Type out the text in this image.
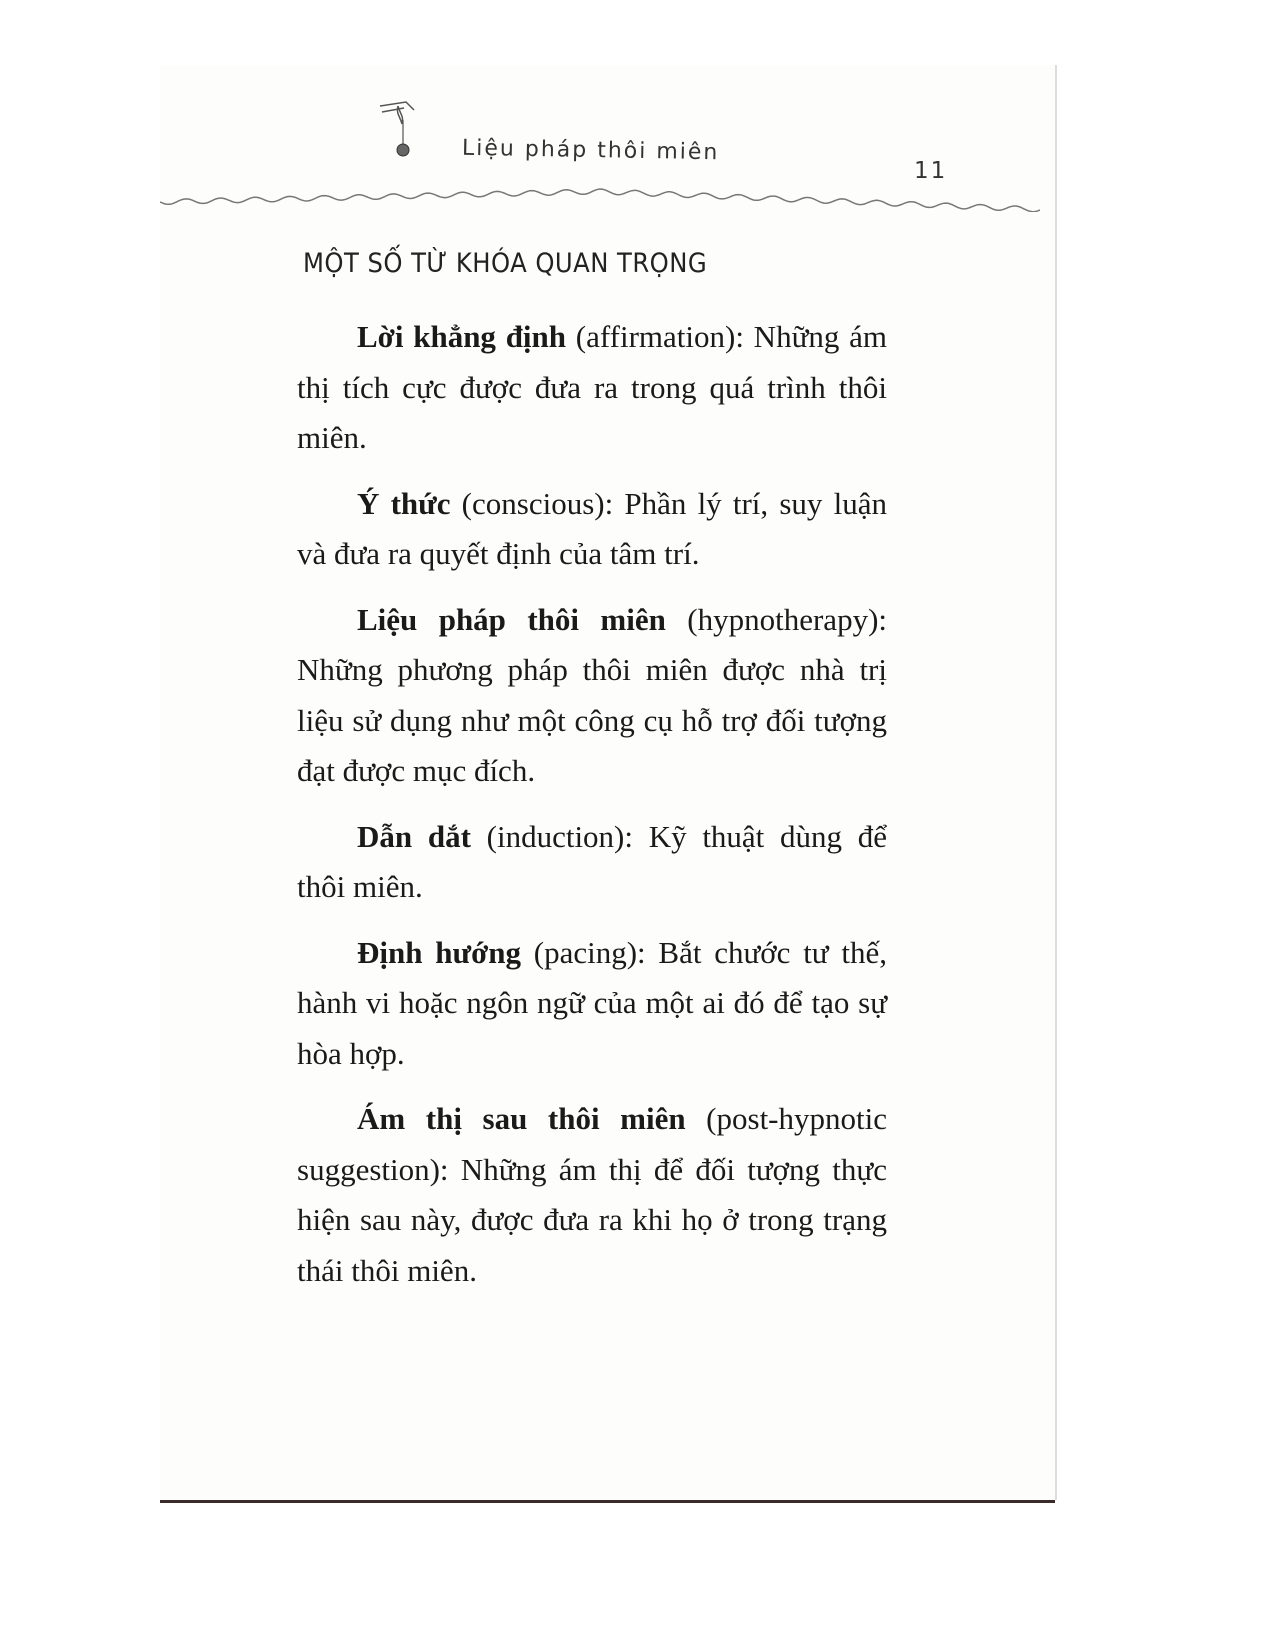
Liệu pháp thôi miên
11
MỘT SỐ TỪ KHÓA QUAN TRỌNG

Lời khẳng định (affirmation): Những ám thị tích cực được đưa ra trong quá trình thôi miên.

Ý thức (conscious): Phần lý trí, suy luận và đưa ra quyết định của tâm trí.

Liệu pháp thôi miên (hypnotherapy): Những phương pháp thôi miên được nhà trị liệu sử dụng như một công cụ hỗ trợ đối tượng đạt được mục đích.

Dẫn dắt (induction): Kỹ thuật dùng để thôi miên.

Định hướng (pacing): Bắt chước tư thế, hành vi hoặc ngôn ngữ của một ai đó để tạo sự hòa hợp.

Ám thị sau thôi miên (post-hypnotic suggestion): Những ám thị để đối tượng thực hiện sau này, được đưa ra khi họ ở trong trạng thái thôi miên.
